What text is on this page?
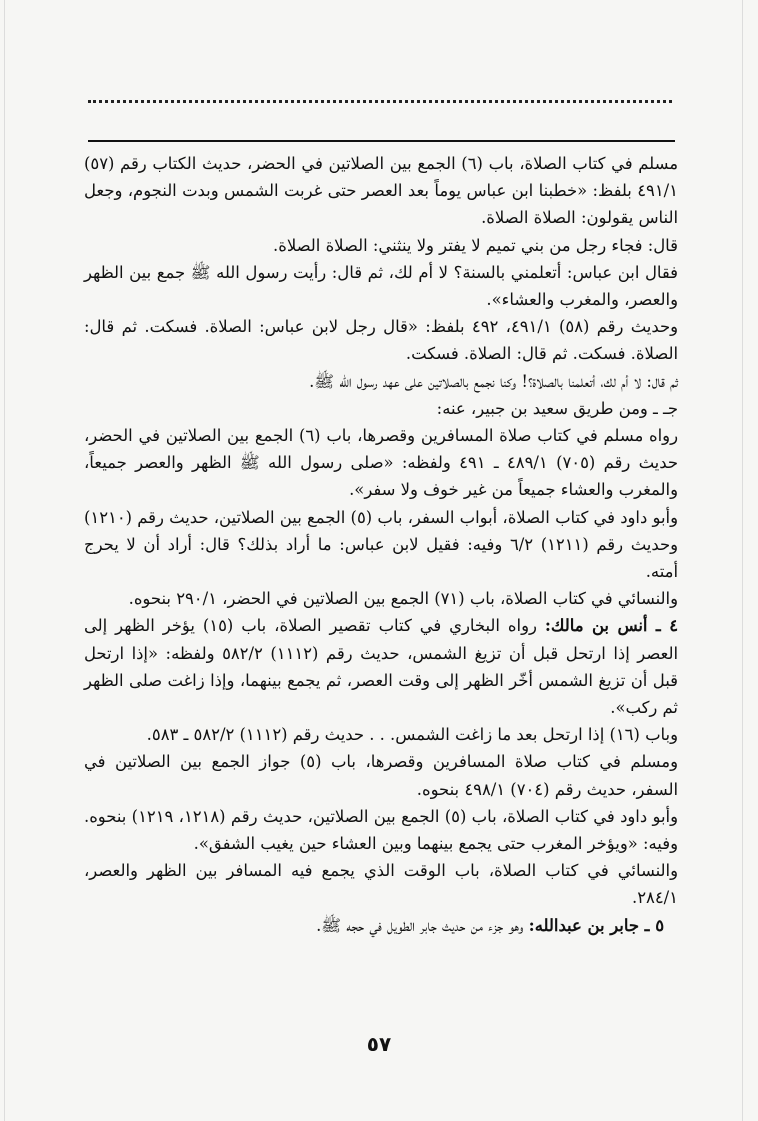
مسلم في كتاب الصلاة، باب (٦) الجمع بين الصلاتين في الحضر، حديث الكتاب رقم (٥٧) ٤٩١/١ بلفظ: «خطبنا ابن عباس يوماً بعد العصر حتى غربت الشمس وبدت النجوم، وجعل الناس يقولون: الصلاة الصلاة.

قال: فجاء رجل من بني تميم لا يفتر ولا ينثني: الصلاة الصلاة.

فقال ابن عباس: أتعلمني بالسنة؟ لا أم لك، ثم قال: رأيت رسول الله ﷺ جمع بين الظهر والعصر، والمغرب والعشاء».

وحديث رقم (٥٨) ٤٩١/١، ٤٩٢ بلفظ: «قال رجل لابن عباس: الصلاة. فسكت. ثم قال: الصلاة. فسكت. ثم قال: الصلاة. فسكت.

ثم قال: لا أم لك، أتعلمنا بالصلاة؟! وكنا نجمع بالصلاتين على عهد رسول الله ﷺ.

جـ ـ ومن طريق سعيد بن جبير، عنه:

رواه مسلم في كتاب صلاة المسافرين وقصرها، باب (٦) الجمع بين الصلاتين في الحضر، حديث رقم (٧٠٥) ٤٨٩/١ ـ ٤٩١ ولفظه: «صلى رسول الله ﷺ الظهر والعصر جميعاً، والمغرب والعشاء جميعاً من غير خوف ولا سفر».

وأبو داود في كتاب الصلاة، أبواب السفر، باب (٥) الجمع بين الصلاتين، حديث رقم (١٢١٠) وحديث رقم (١٢١١) ٦/٢ وفيه: فقيل لابن عباس: ما أراد بذلك؟ قال: أراد أن لا يحرج أمته.

والنسائي في كتاب الصلاة، باب (٧١) الجمع بين الصلاتين في الحضر، ٢٩٠/١ بنحوه.

٤ ـ أنس بن مالك: رواه البخاري في كتاب تقصير الصلاة، باب (١٥) يؤخر الظهر إلى العصر إذا ارتحل قبل أن تزيغ الشمس، حديث رقم (١١١٢) ٥٨٢/٢ ولفظه: «إذا ارتحل قبل أن تزيغ الشمس أخّر الظهر إلى وقت العصر، ثم يجمع بينهما، وإذا زاغت صلى الظهر ثم ركب».

وباب (١٦) إذا ارتحل بعد ما زاغت الشمس. . . حديث رقم (١١١٢) ٥٨٢/٢ ـ ٥٨٣.

ومسلم في كتاب صلاة المسافرين وقصرها، باب (٥) جواز الجمع بين الصلاتين في السفر، حديث رقم (٧٠٤) ٤٩٨/١ بنحوه.

وأبو داود في كتاب الصلاة، باب (٥) الجمع بين الصلاتين، حديث رقم (١٢١٨، ١٢١٩) بنحوه. وفيه: «ويؤخر المغرب حتى يجمع بينهما وبين العشاء حين يغيب الشفق».

والنسائي في كتاب الصلاة، باب الوقت الذي يجمع فيه المسافر بين الظهر والعصر، ٢٨٤/١.

٥ ـ جابر بن عبدالله: وهو جزء من حديث جابر الطويل في حجه ﷺ.

٥٧
